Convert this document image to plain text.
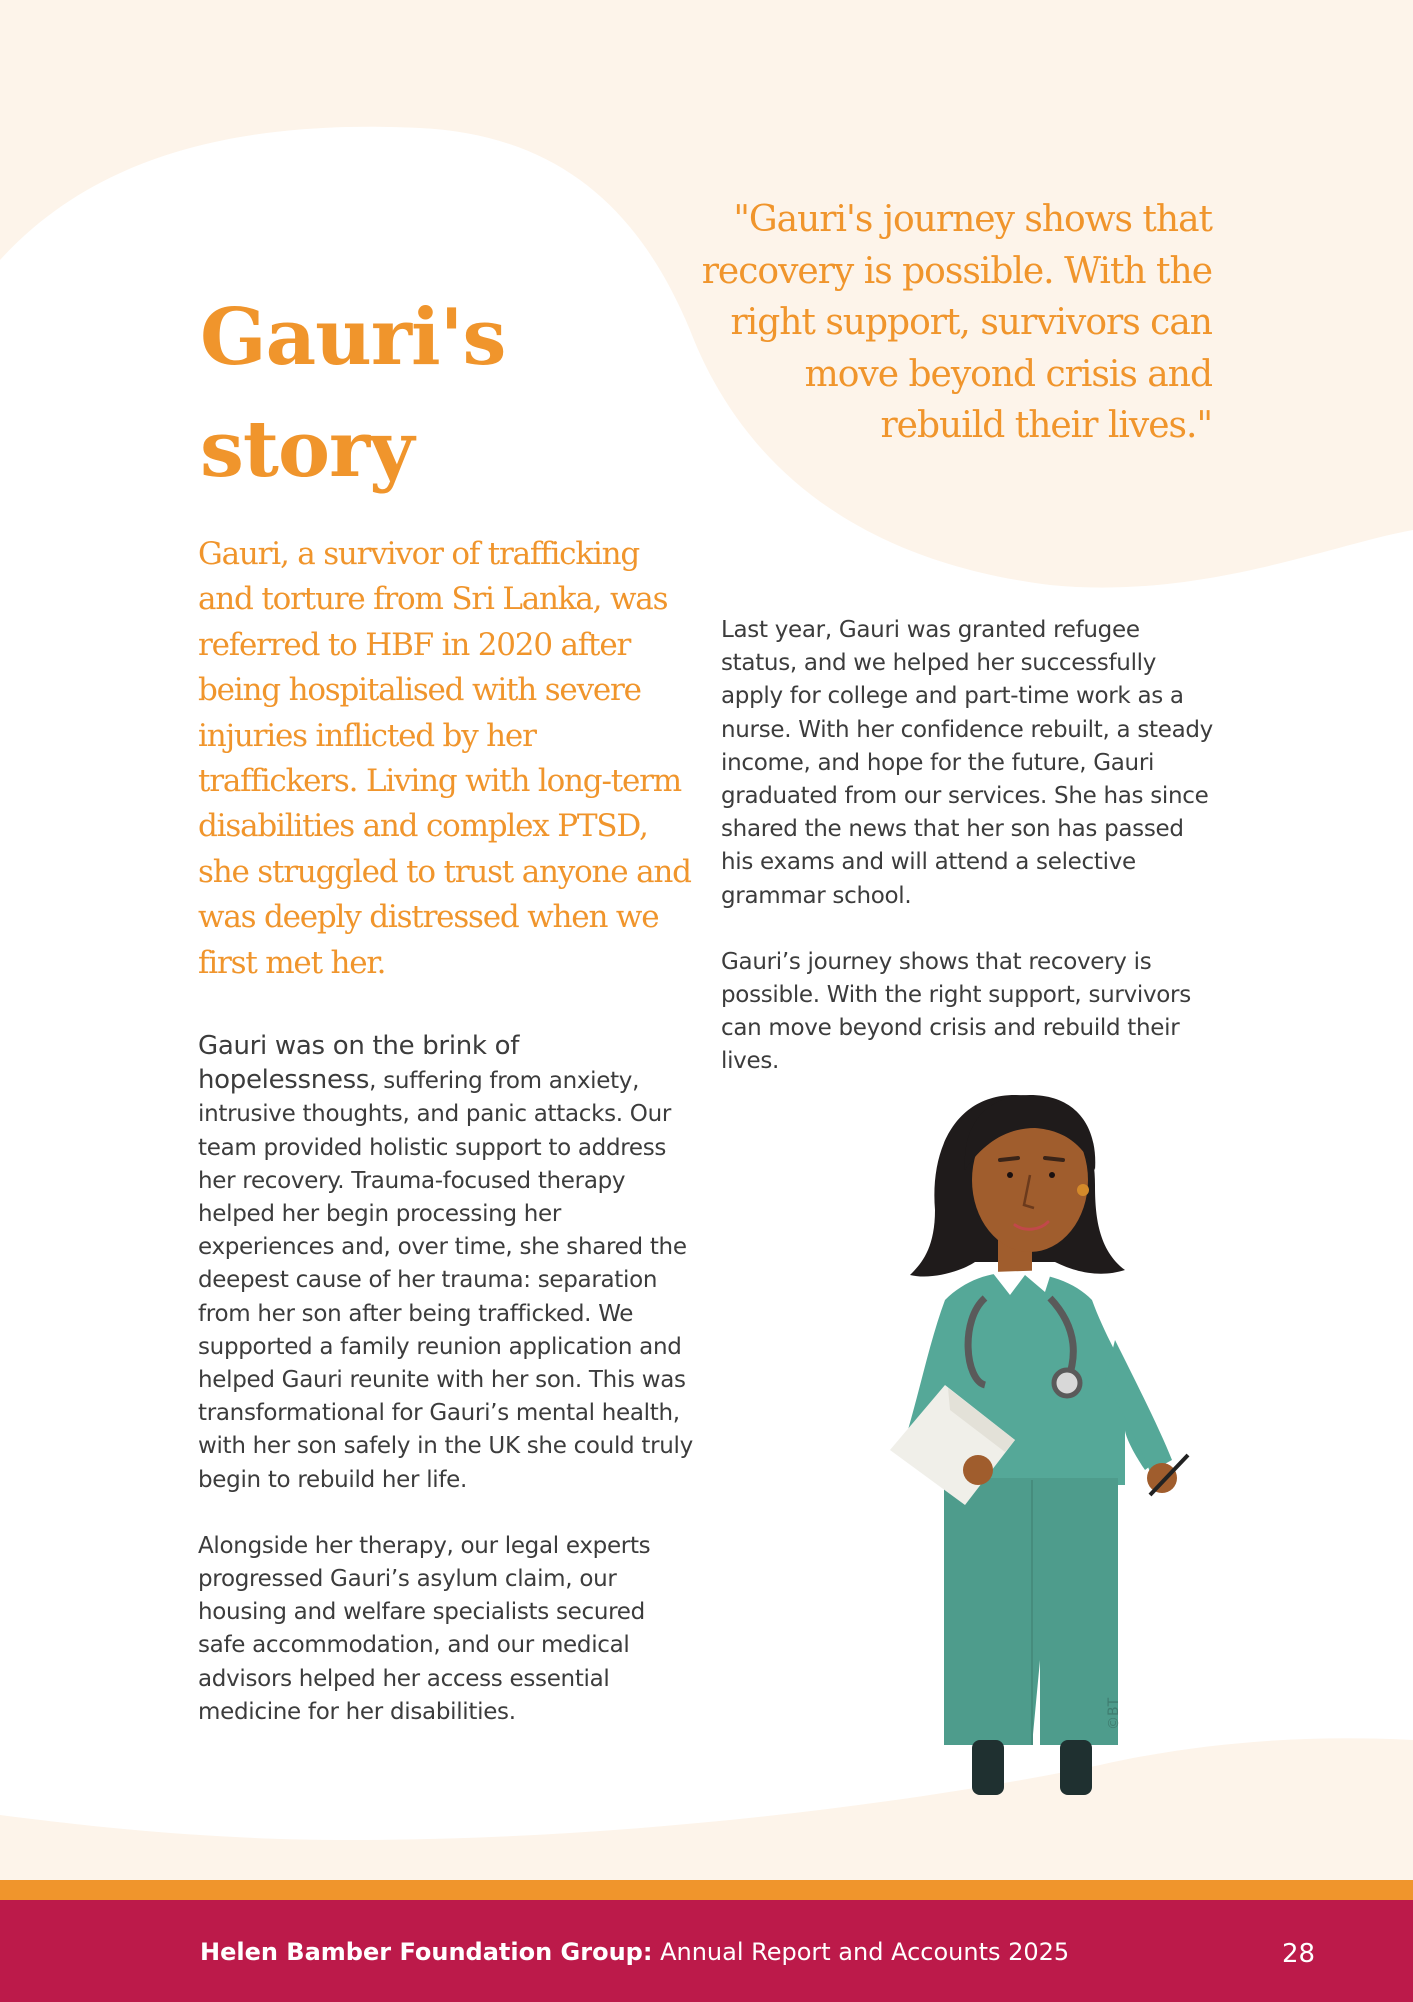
Gauri's story

"Gauri's journey shows that recovery is possible. With the right support, survivors can move beyond crisis and rebuild their lives."

Gauri, a survivor of trafficking and torture from Sri Lanka, was referred to HBF in 2020 after being hospitalised with severe injuries inflicted by her traffickers. Living with long-term disabilities and complex PTSD, she struggled to trust anyone and was deeply distressed when we first met her.

Gauri was on the brink of hopelessness, suffering from anxiety, intrusive thoughts, and panic attacks. Our team provided holistic support to address her recovery. Trauma-focused therapy helped her begin processing her experiences and, over time, she shared the deepest cause of her trauma: separation from her son after being trafficked. We supported a family reunion application and helped Gauri reunite with her son. This was transformational for Gauri’s mental health, with her son safely in the UK she could truly begin to rebuild her life.

Alongside her therapy, our legal experts progressed Gauri’s asylum claim, our housing and welfare specialists secured safe accommodation, and our medical advisors helped her access essential medicine for her disabilities.

Last year, Gauri was granted refugee status, and we helped her successfully apply for college and part-time work as a nurse. With her confidence rebuilt, a steady income, and hope for the future, Gauri graduated from our services. She has since shared the news that her son has passed his exams and will attend a selective grammar school.

Gauri’s journey shows that recovery is possible. With the right support, survivors can move beyond crisis and rebuild their lives.

©BT
Helen Bamber Foundation Group: Annual Report and Accounts 2025	28
